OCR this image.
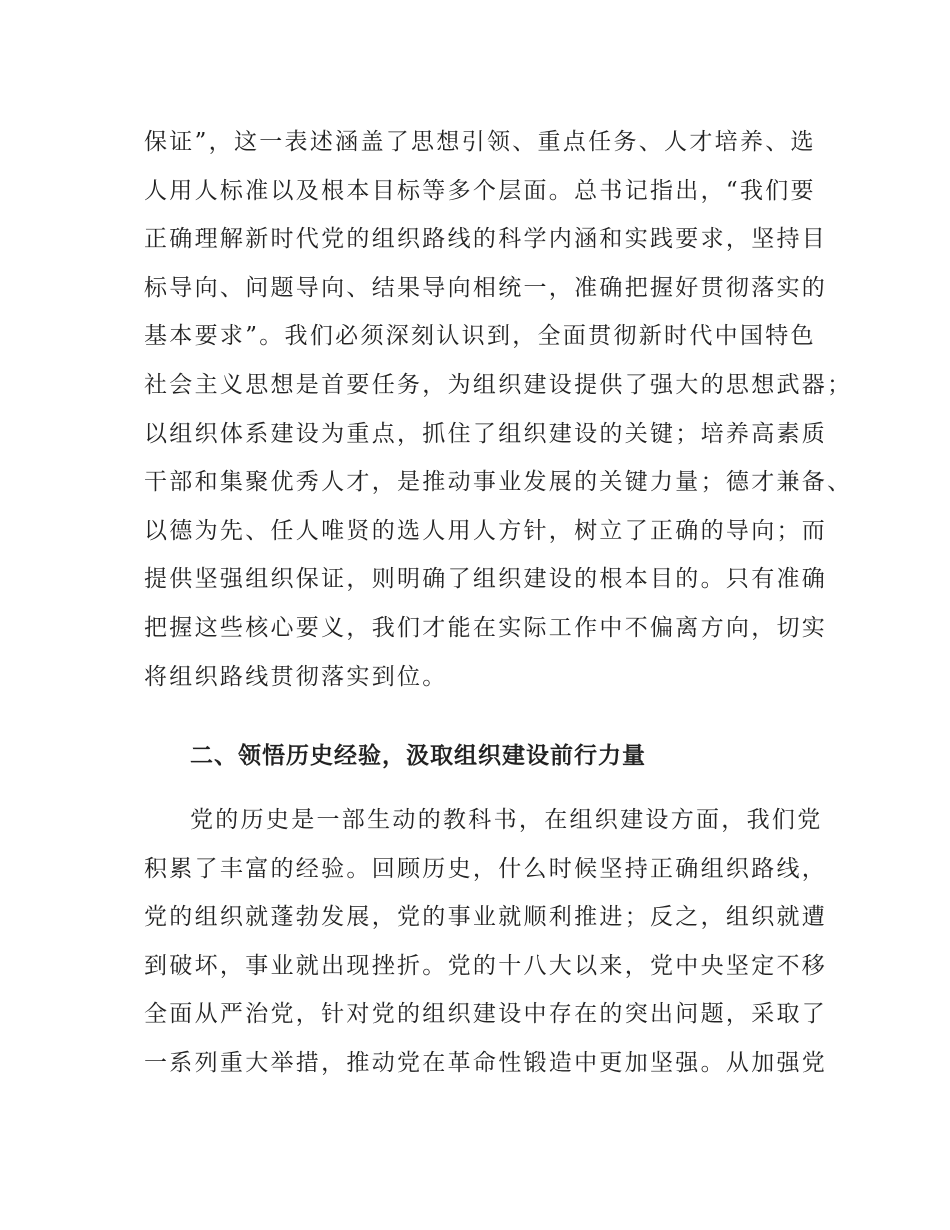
保证”，这一表述涵盖了思想引领、重点任务、人才培养、选
人用人标准以及根本目标等多个层面。总书记指出，“我们要
正确理解新时代党的组织路线的科学内涵和实践要求，坚持目
标导向、问题导向、结果导向相统一，准确把握好贯彻落实的
基本要求”。我们必须深刻认识到，全面贯彻新时代中国特色
社会主义思想是首要任务，为组织建设提供了强大的思想武器；
以组织体系建设为重点，抓住了组织建设的关键；培养高素质
干部和集聚优秀人才，是推动事业发展的关键力量；德才兼备、
以德为先、任人唯贤的选人用人方针，树立了正确的导向；而
提供坚强组织保证，则明确了组织建设的根本目的。只有准确
把握这些核心要义，我们才能在实际工作中不偏离方向，切实
将组织路线贯彻落实到位。
二、领悟历史经验，汲取组织建设前行力量
党的历史是一部生动的教科书，在组织建设方面，我们党
积累了丰富的经验。回顾历史，什么时候坚持正确组织路线，
党的组织就蓬勃发展，党的事业就顺利推进；反之，组织就遭
到破坏，事业就出现挫折。党的十八大以来，党中央坚定不移
全面从严治党，针对党的组织建设中存在的突出问题，采取了
一系列重大举措，推动党在革命性锻造中更加坚强。从加强党
